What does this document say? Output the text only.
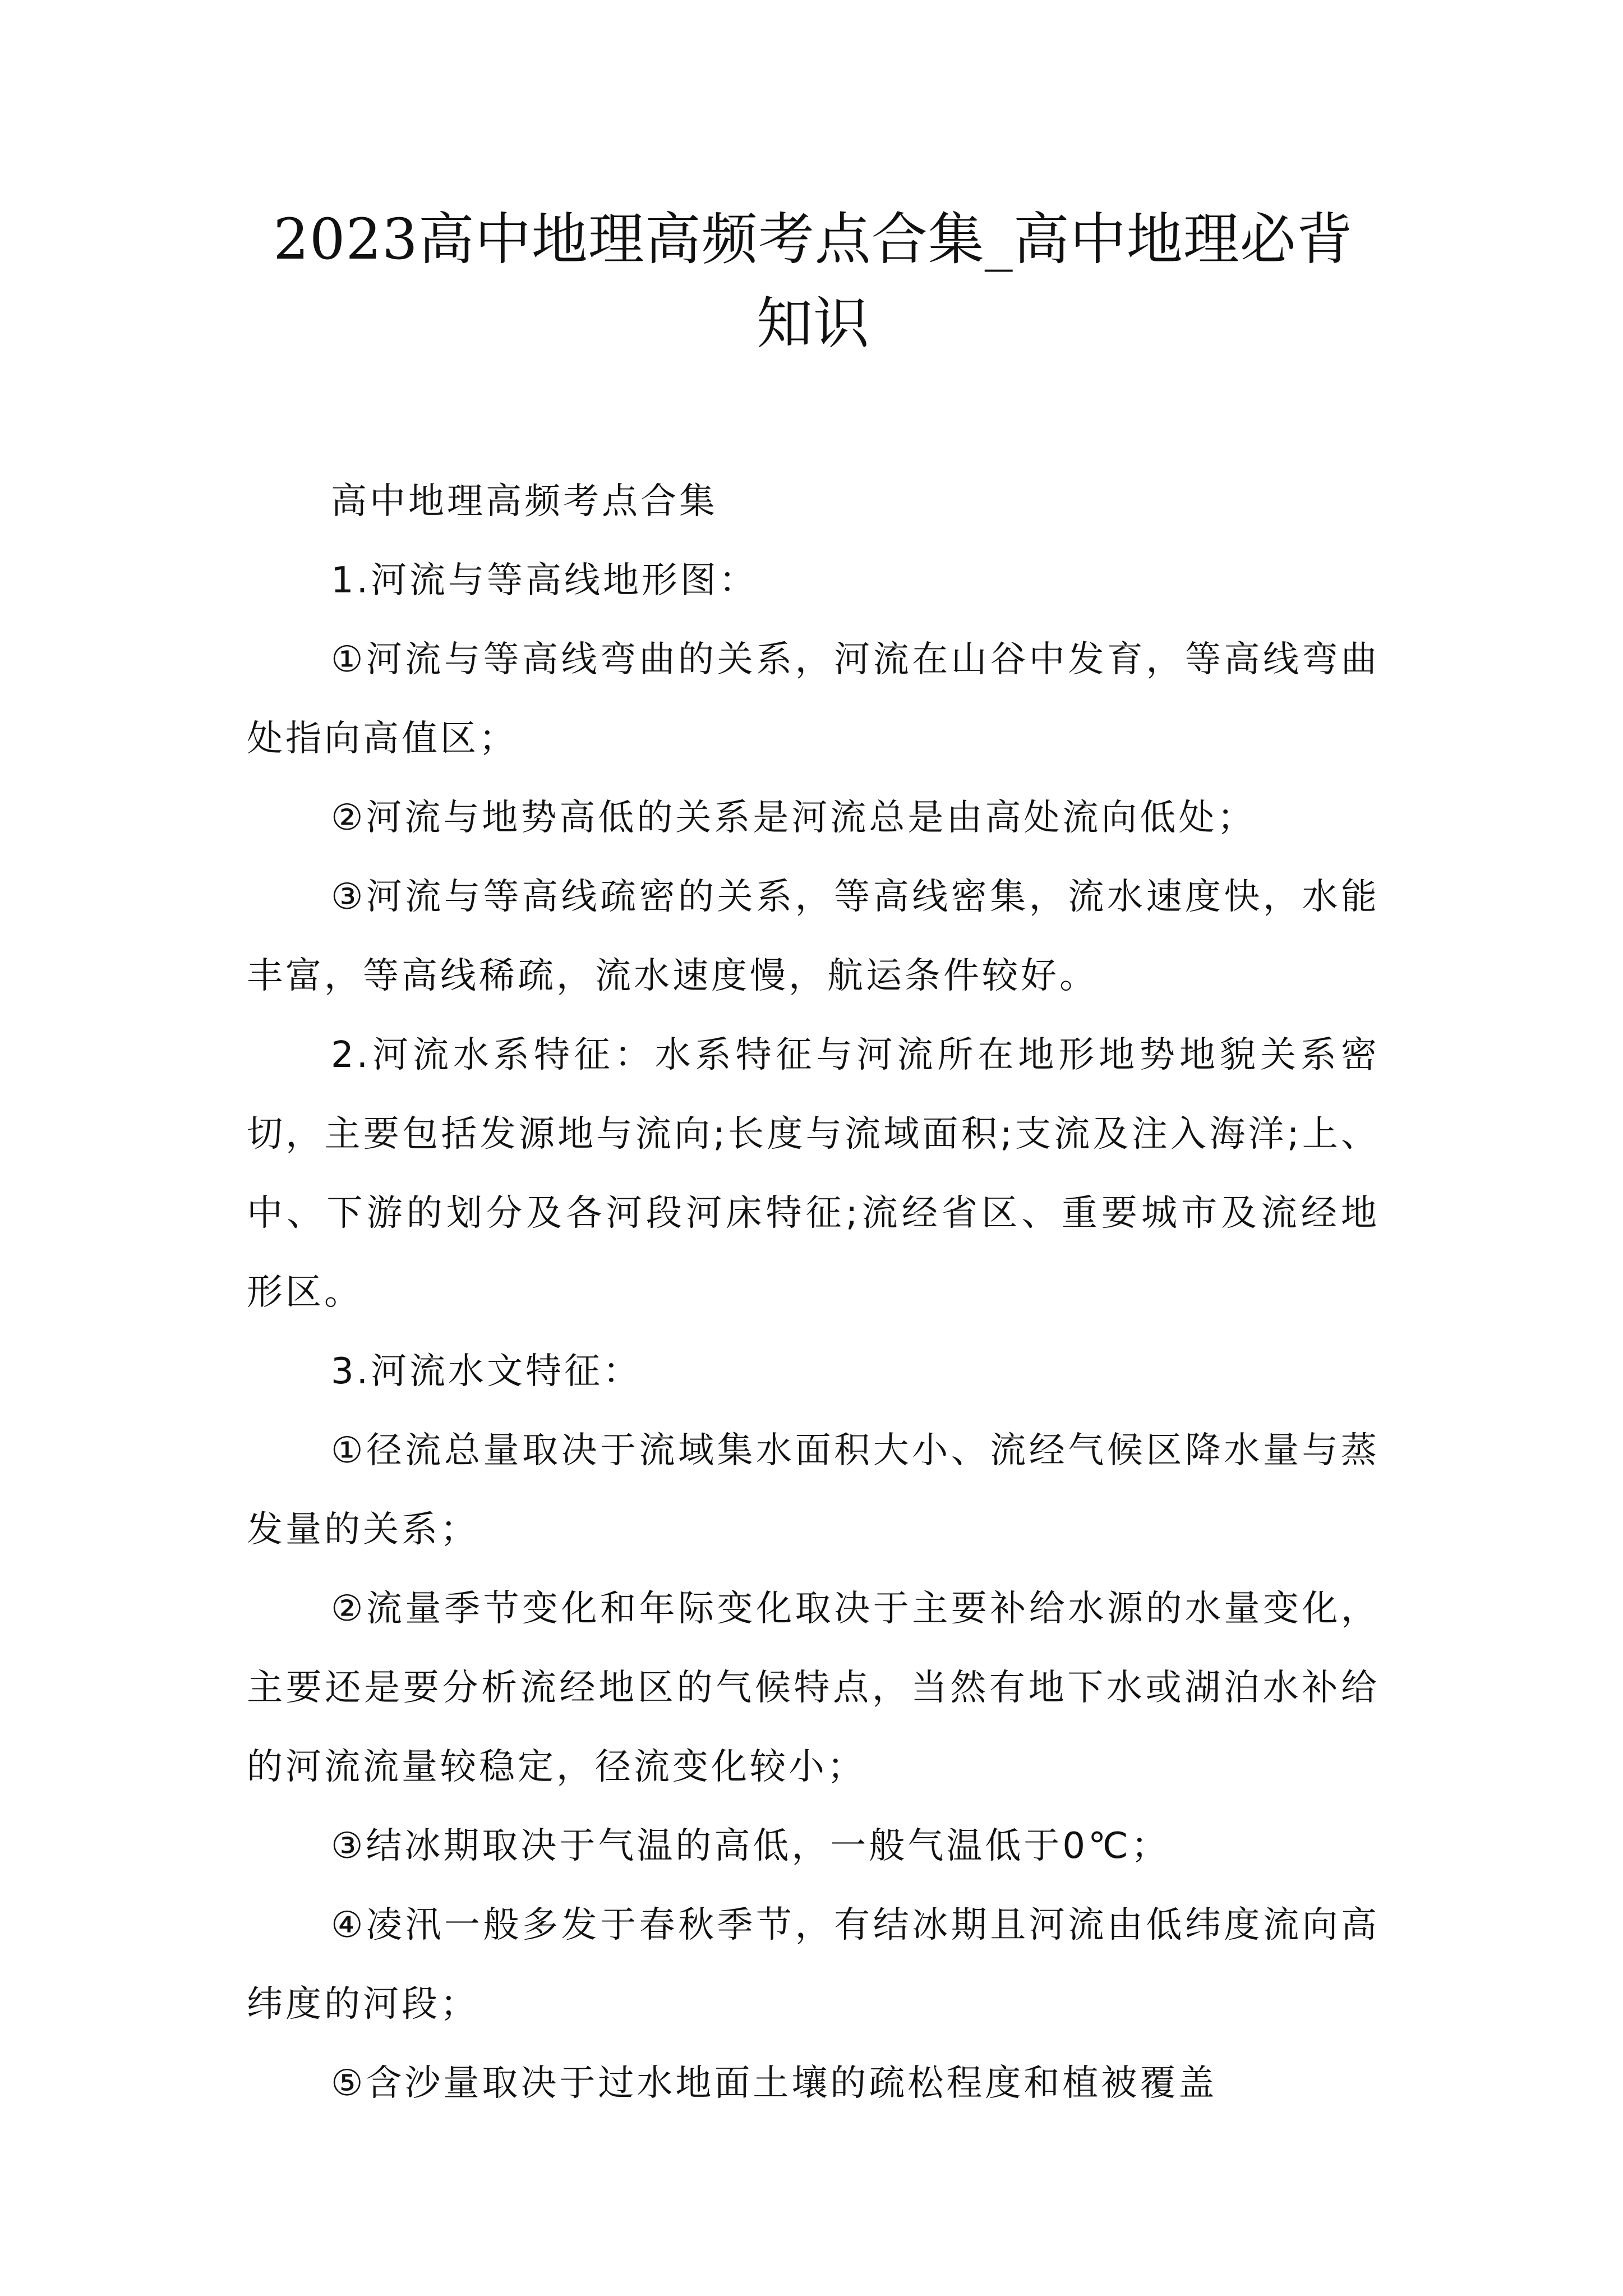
2023高中地理高频考点合集_高中地理必背
知识

高中地理高频考点合集

1.河流与等高线地形图：

①河流与等高线弯曲的关系，河流在山谷中发育，等高线弯曲处指向高值区；

②河流与地势高低的关系是河流总是由高处流向低处；

③河流与等高线疏密的关系，等高线密集，流水速度快，水能丰富，等高线稀疏，流水速度慢，航运条件较好。

2.河流水系特征：水系特征与河流所在地形地势地貌关系密切，主要包括发源地与流向;长度与流域面积;支流及注入海洋;上、中、下游的划分及各河段河床特征;流经省区、重要城市及流经地形区。

3.河流水文特征：

①径流总量取决于流域集水面积大小、流经气候区降水量与蒸发量的关系；

②流量季节变化和年际变化取决于主要补给水源的水量变化，主要还是要分析流经地区的气候特点，当然有地下水或湖泊水补给的河流流量较稳定，径流变化较小；

③结冰期取决于气温的高低，一般气温低于0℃；

④凌汛一般多发于春秋季节，有结冰期且河流由低纬度流向高纬度的河段；

⑤含沙量取决于过水地面土壤的疏松程度和植被覆盖
